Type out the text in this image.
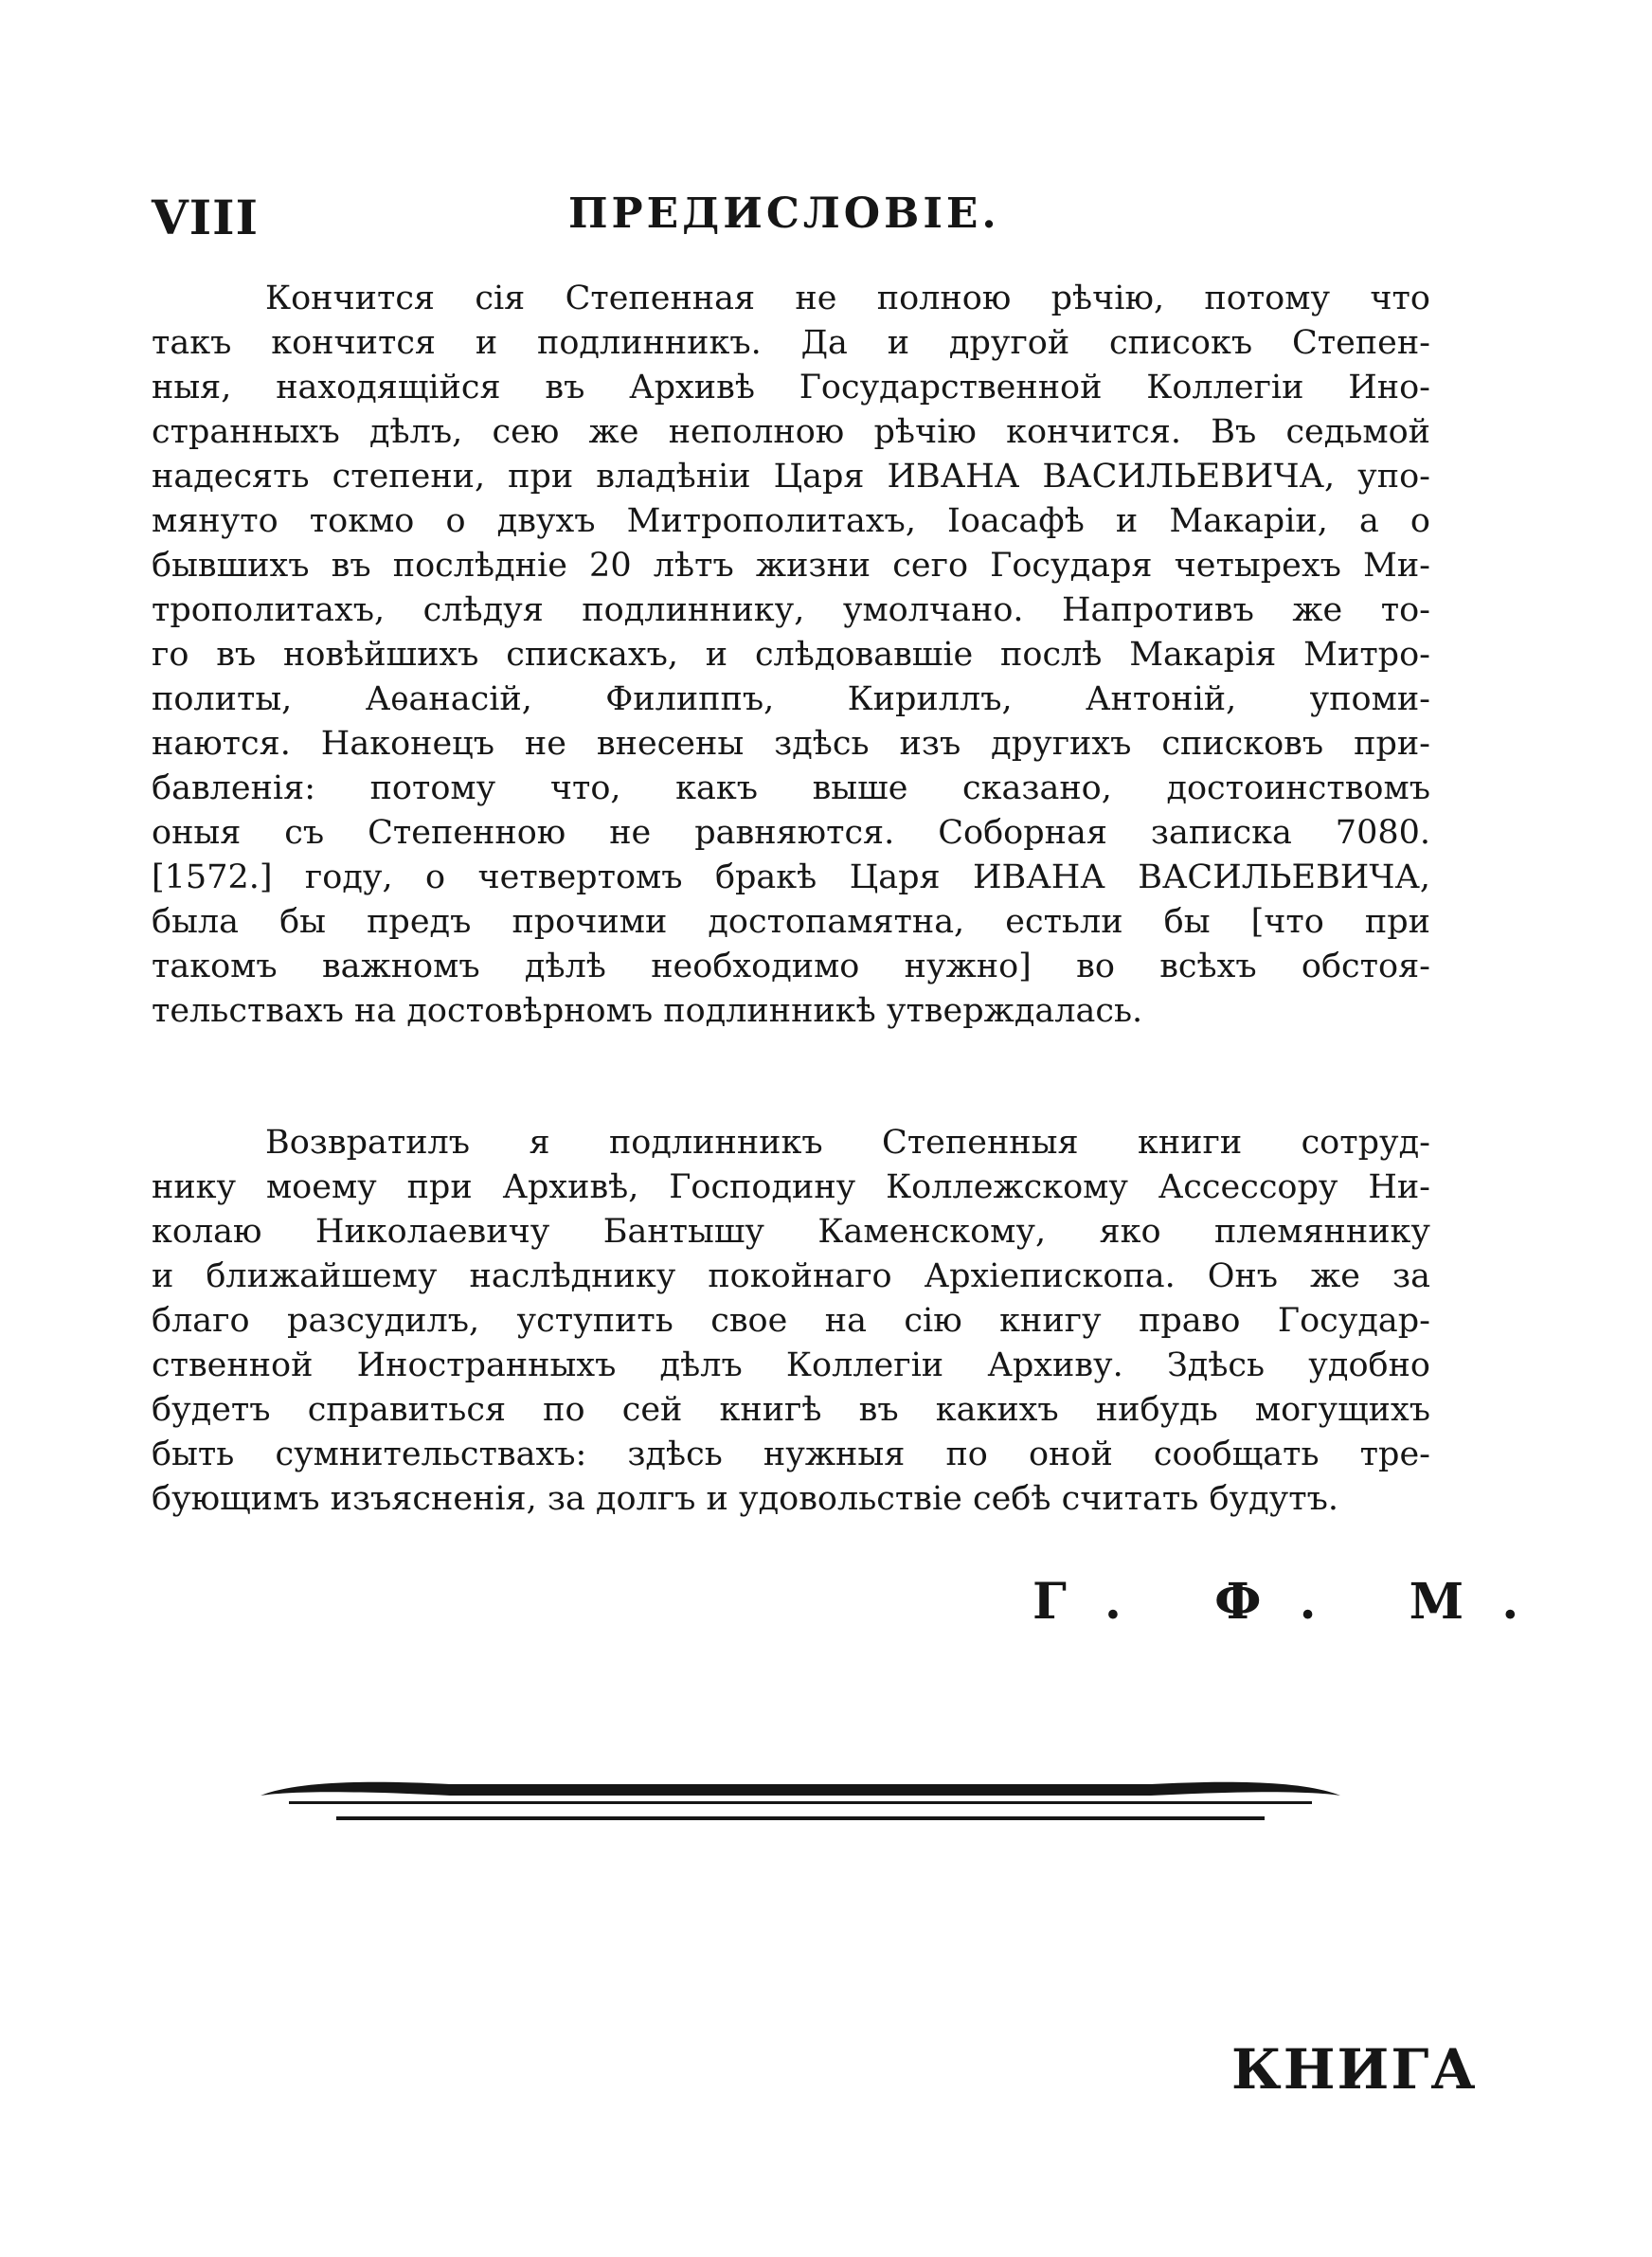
VIII	ПРЕДИСЛОВІЕ.
Кончится сія Степенная не полною рѣчію, потому что
такъ кончится и подлинникъ. Да и другой списокъ Степен-
ныя, находящійся въ Архивѣ Государственной Коллегіи Ино-
странныхъ дѣлъ, сею же неполною рѣчію кончится. Въ седьмой
надесять степени, при владѣніи Царя ИВАНА ВАСИЛЬЕВИЧА, упо-
мянуто токмо о двухъ Митрополитахъ, Іоасафѣ и Макаріи, а о
бывшихъ въ послѣдніе 20 лѣтъ жизни сего Государя четырехъ Ми-
трополитахъ, слѣдуя подлиннику, умолчано. Напротивъ же то-
го въ новѣйшихъ спискахъ, и слѣдовавшіе послѣ Макарія Митро-
политы, Аѳанасій, Филиппъ, Кириллъ, Антоній, упоми-
наются. Наконецъ не внесены здѣсь изъ другихъ списковъ при-
бавленія: потому что, какъ выше сказано, достоинствомъ
оныя съ Степенною не равняются. Соборная записка 7080.
[1572.] году, о четвертомъ бракѣ Царя ИВАНА ВАСИЛЬЕВИЧА,
была бы предъ прочими достопамятна, естьли бы [что при
такомъ важномъ дѣлѣ необходимо нужно] во всѣхъ обстоя-
тельствахъ на достовѣрномъ подлинникѣ утверждалась.
Возвратилъ я подлинникъ Степенныя книги сотруд-
нику моему при Архивѣ, Господину Коллежскому Ассессору Ни-
колаю Николаевичу Бантышу Каменскому, яко племяннику
и ближайшему наслѣднику покойнаго Архіепископа. Онъ же за
благо разсудилъ, уступить свое на сію книгу право Государ-
ственной Иностранныхъ дѣлъ Коллегіи Архиву. Здѣсь удобно
будетъ справиться по сей книгѣ въ какихъ нибудь могущихъ
быть сумнительствахъ: здѣсь нужныя по оной сообщать тре-
бующимъ изъясненія, за долгъ и удовольствіе себѣ считать будутъ.
Г. Ф. М.
КНИГА
